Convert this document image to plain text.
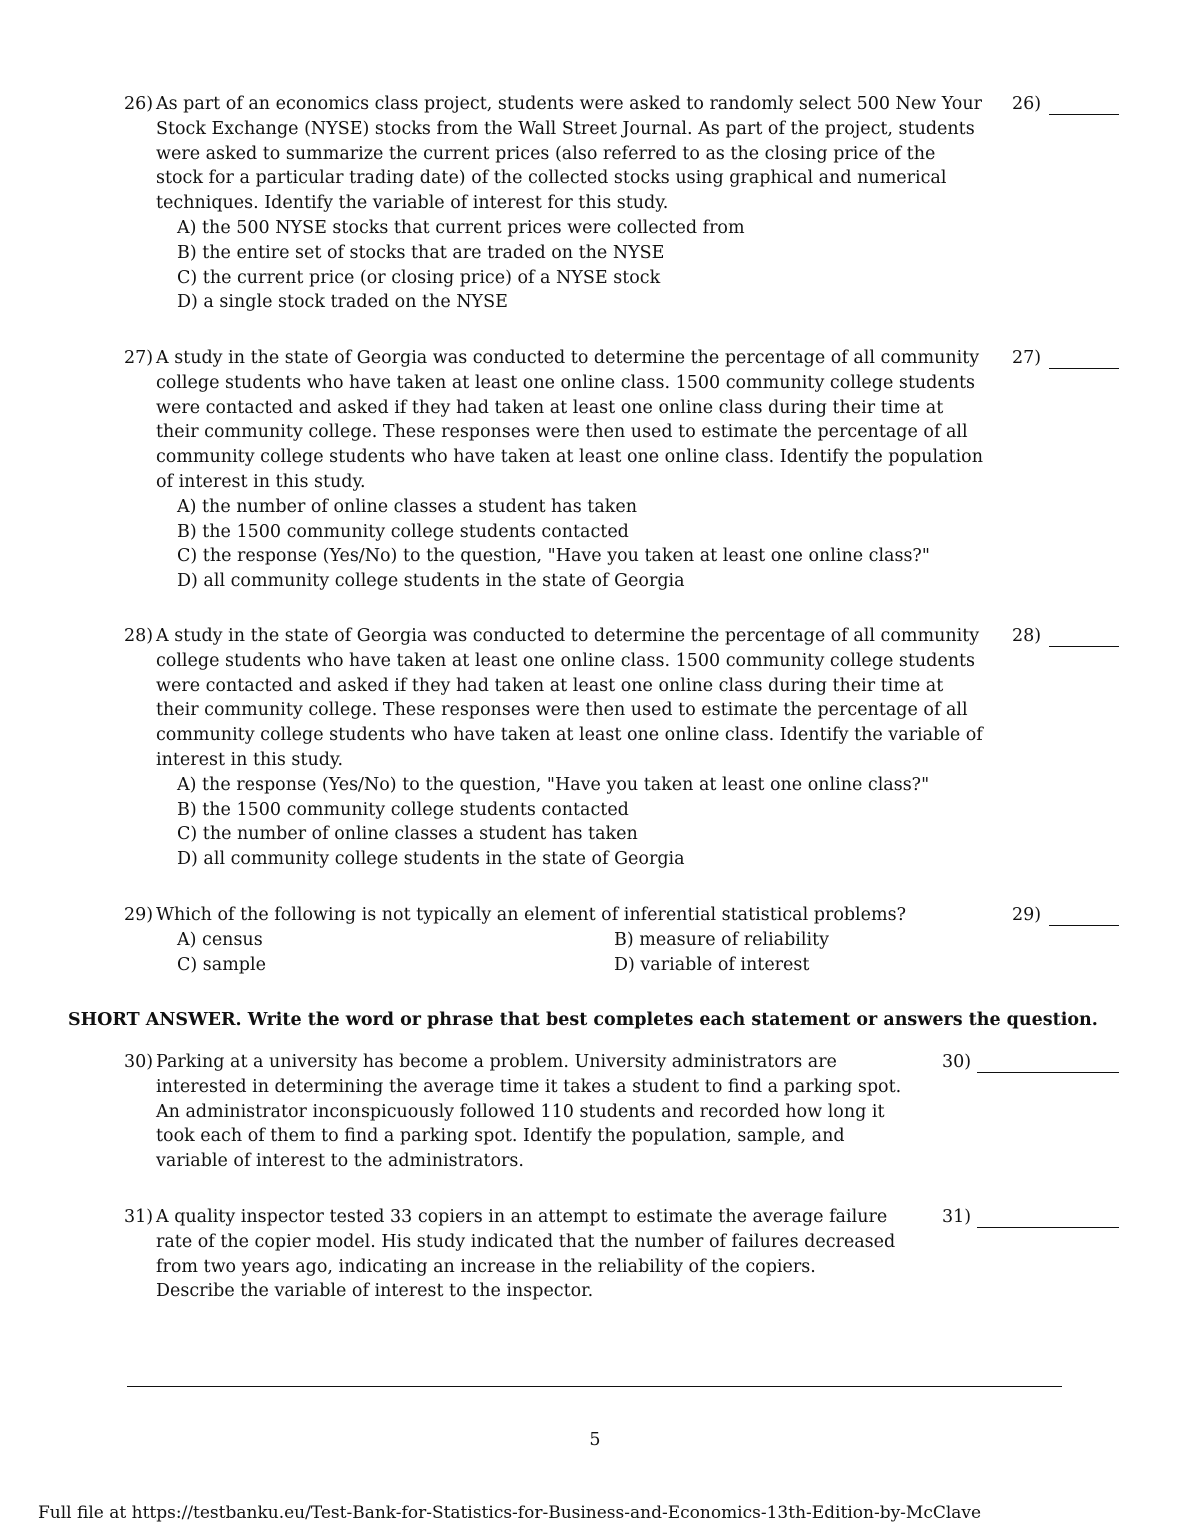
26) As part of an economics class project, students were asked to randomly select 500 New Your Stock Exchange (NYSE) stocks from the Wall Street Journal. As part of the project, students were asked to summarize the current prices (also referred to as the closing price of the stock for a particular trading date) of the collected stocks using graphical and numerical techniques. Identify the variable of interest for this study.
A) the 500 NYSE stocks that current prices were collected from
B) the entire set of stocks that are traded on the NYSE
C) the current price (or closing price) of a NYSE stock
D) a single stock traded on the NYSE
26)
27) A study in the state of Georgia was conducted to determine the percentage of all community college students who have taken at least one online class. 1500 community college students were contacted and asked if they had taken at least one online class during their time at their community college. These responses were then used to estimate the percentage of all community college students who have taken at least one online class. Identify the population of interest in this study.
A) the number of online classes a student has taken
B) the 1500 community college students contacted
C) the response (Yes/No) to the question, "Have you taken at least one online class?"
D) all community college students in the state of Georgia
27)
28) A study in the state of Georgia was conducted to determine the percentage of all community college students who have taken at least one online class. 1500 community college students were contacted and asked if they had taken at least one online class during their time at their community college. These responses were then used to estimate the percentage of all community college students who have taken at least one online class. Identify the variable of interest in this study.
A) the response (Yes/No) to the question, "Have you taken at least one online class?"
B) the 1500 community college students contacted
C) the number of online classes a student has taken
D) all community college students in the state of Georgia
28)
29) Which of the following is not typically an element of inferential statistical problems?
A) census	B) measure of reliability
C) sample	D) variable of interest
29)
SHORT ANSWER. Write the word or phrase that best completes each statement or answers the question.
30) Parking at a university has become a problem. University administrators are interested in determining the average time it takes a student to find a parking spot. An administrator inconspicuously followed 110 students and recorded how long it took each of them to find a parking spot. Identify the population, sample, and variable of interest to the administrators.
30)
31) A quality inspector tested 33 copiers in an attempt to estimate the average failure rate of the copier model. His study indicated that the number of failures decreased from two years ago, indicating an increase in the reliability of the copiers. Describe the variable of interest to the inspector.
31)
5
Full file at https://testbanku.eu/Test-Bank-for-Statistics-for-Business-and-Economics-13th-Edition-by-McClave
